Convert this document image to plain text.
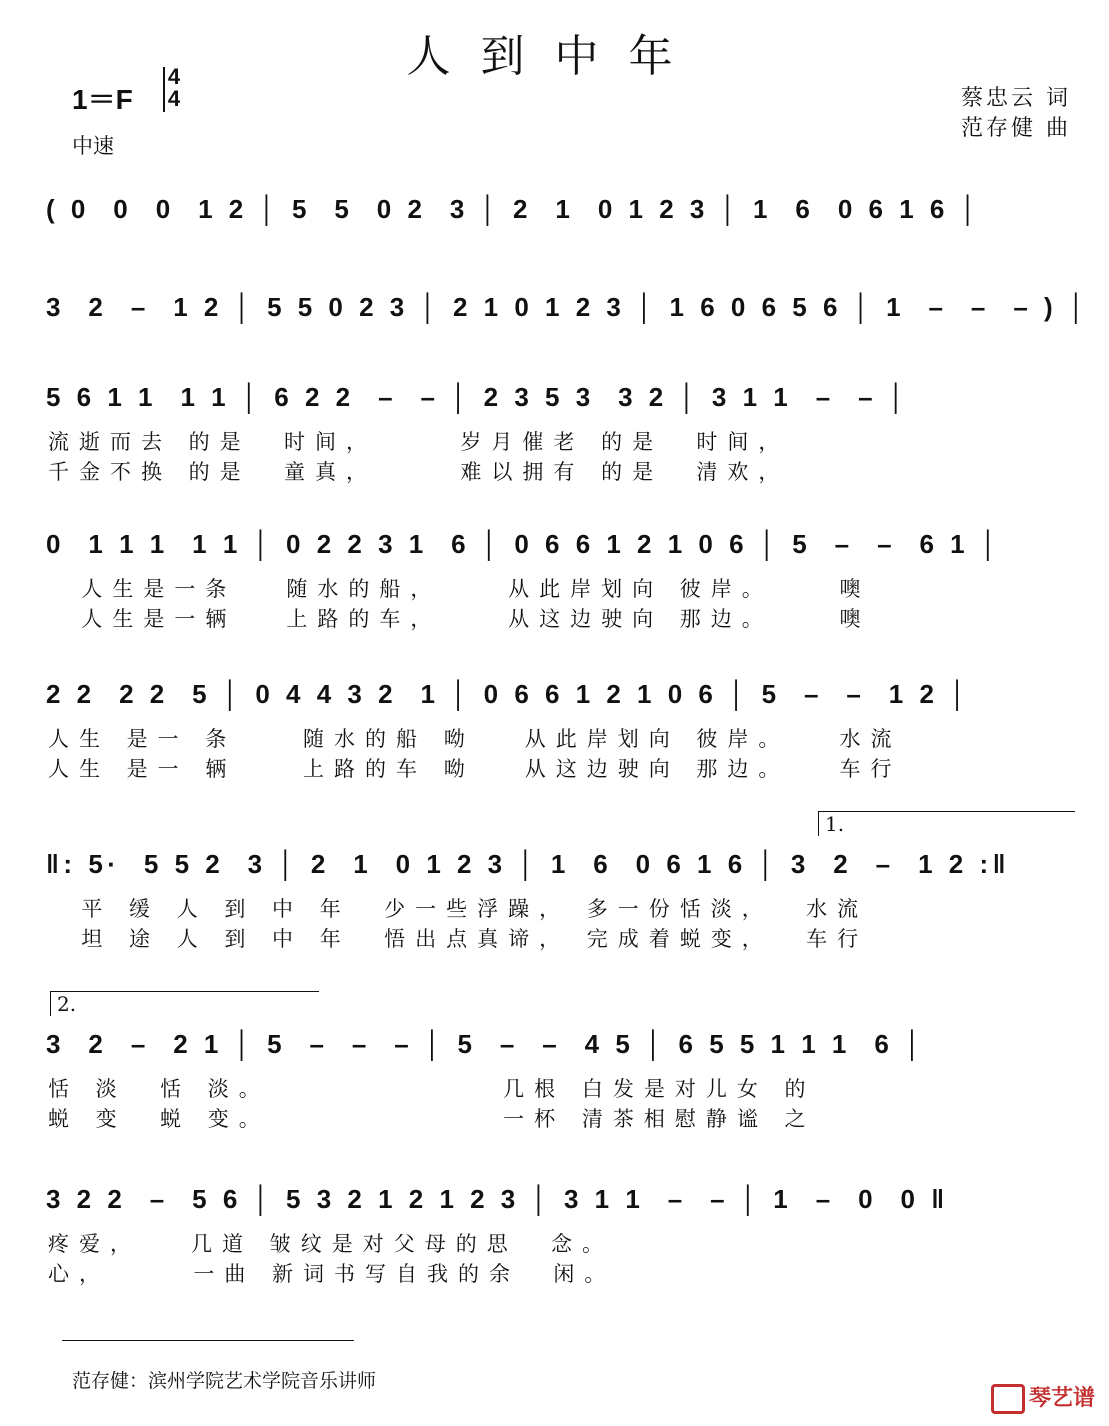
人到中年
1＝F
4
4
中速
蔡忠云 词
范存健 曲
( 0  0  0  1 2 │ 5  5  0 2  3 │ 2  1  0 1 2 3 │ 1  6  0 6 1 6 │
3  2  –  1 2 │ 5 5 0 2 3 │ 2 1 0 1 2 3 │ 1 6 0 6 5 6 │ 1  –  –  – ) │
5 6 1 1  1 1 │ 6 2 2  –  – │ 2 3 5 3  3 2 │ 3 1 1  –  – │
流逝而去 的是  时间，     岁月催老 的是  时间，
千金不换 的是  童真，     难以拥有 的是  清欢，
0  1 1 1  1 1 │ 0 2 2 3 1  6 │ 0 6 6 1 2 1 0 6 │ 5  –  –  6 1 │
人生是一条   随水的船，    从此岸划向 彼岸。    噢
人生是一辆   上路的车，    从这边驶向 那边。    噢
2 2  2 2  5 │ 0 4 4 3 2  1 │ 0 6 6 1 2 1 0 6 │ 5  –  –  1 2 │
人生 是一 条    随水的船 呦   从此岸划向 彼岸。   水流
人生 是一 辆    上路的车 呦   从这边驶向 那边。   车行
‖: 5·  5 5 2  3 │ 2  1  0 1 2 3 │ 1  6  0 6 1 6 │ 3  2  –  1 2 :‖
1.
平 缓 人 到 中 年  少一些浮躁， 多一份恬淡，  水流
坦 途 人 到 中 年  悟出点真谛， 完成着蜕变，  车行
3  2  –  2 1 │ 5  –  –  – │ 5  –  –  4 5 │ 6 5 5 1 1 1  6 │
2.
恬 淡  恬 淡。              几根 白发是对儿女 的
蜕 变  蜕 变。              一杯 清茶相慰静谧 之
3 2 2  –  5 6 │ 5 3 2 1 2 1 2 3 │ 3 1 1  –  – │ 1  –  0  0 ‖
疼爱，   几道 皱纹是对父母的思  念。
心，     一曲 新词书写自我的余  闲。
范存健：滨州学院艺术学院音乐讲师
琴艺谱
